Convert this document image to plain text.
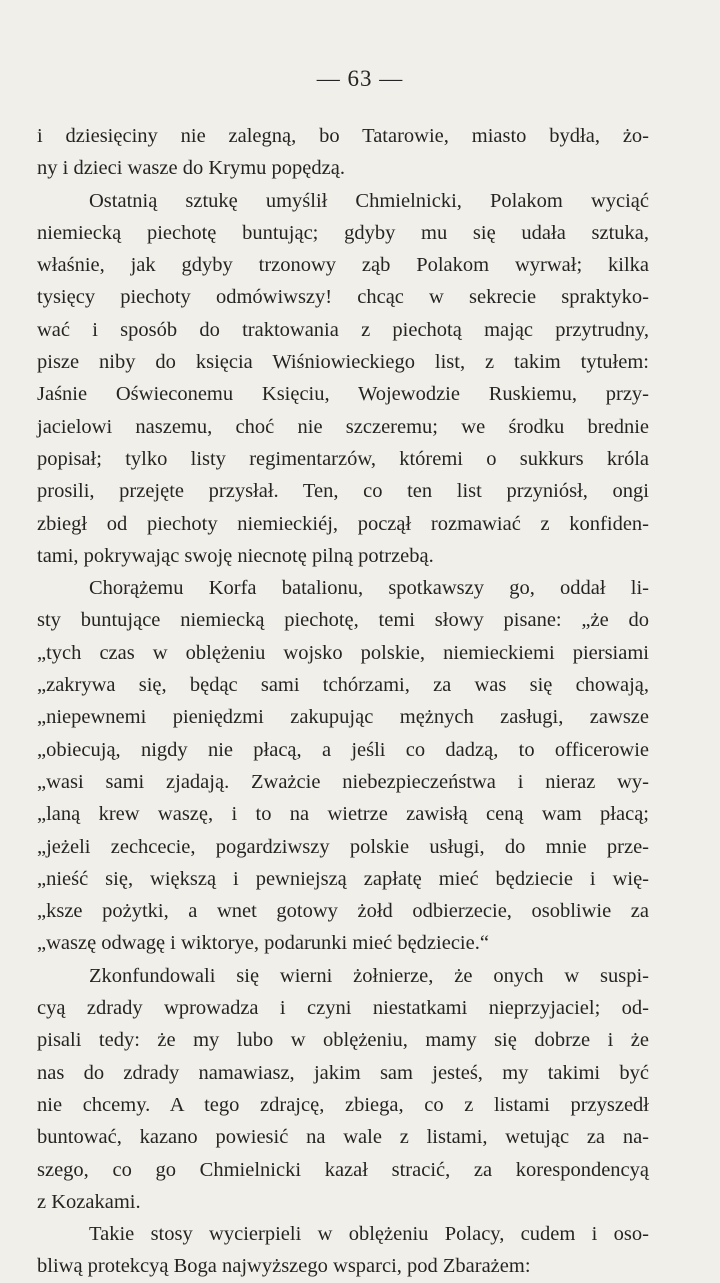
— 63 —
i dziesięciny nie zalegną, bo Tatarowie, miasto bydła, żo-
ny i dzieci wasze do Krymu popędzą.
Ostatnią sztukę umyślił Chmielnicki, Polakom wyciąć
niemiecką piechotę buntując; gdyby mu się udała sztuka,
właśnie, jak gdyby trzonowy ząb Polakom wyrwał; kilka
tysięcy piechoty odmówiwszy! chcąc w sekrecie spraktyko-
wać i sposób do traktowania z piechotą mając przytrudny,
pisze niby do księcia Wiśniowieckiego list, z takim tytułem:
Jaśnie Oświeconemu Księciu, Wojewodzie Ruskiemu, przy-
jacielowi naszemu, choć nie szczeremu; we środku brednie
popisał; tylko listy regimentarzów, któremi o sukkurs króla
prosili, przejęte przysłał. Ten, co ten list przyniósł, ongi
zbiegł od piechoty niemieckiéj, począł rozmawiać z konfiden-
tami, pokrywając swoję niecnotę pilną potrzebą.
Chorążemu Korfa batalionu, spotkawszy go, oddał li-
sty buntujące niemiecką piechotę, temi słowy pisane: „że do
„tych czas w oblężeniu wojsko polskie, niemieckiemi piersiami
„zakrywa się, będąc sami tchórzami, za was się chowają,
„niepewnemi pieniędzmi zakupując mężnych zasługi, zawsze
„obiecują, nigdy nie płacą, a jeśli co dadzą, to officerowie
„wasi sami zjadają. Zważcie niebezpieczeństwa i nieraz wy-
„laną krew waszę, i to na wietrze zawisłą ceną wam płacą;
„jeżeli zechcecie, pogardziwszy polskie usługi, do mnie prze-
„nieść się, większą i pewniejszą zapłatę mieć będziecie i wię-
„ksze pożytki, a wnet gotowy żołd odbierzecie, osobliwie za
„waszę odwagę i wiktorye, podarunki mieć będziecie.“
Zkonfundowali się wierni żołnierze, że onych w suspi-
cyą zdrady wprowadza i czyni niestatkami nieprzyjaciel; od-
pisali tedy: że my lubo w oblężeniu, mamy się dobrze i że
nas do zdrady namawiasz, jakim sam jesteś, my takimi być
nie chcemy. A tego zdrajcę, zbiega, co z listami przyszedł
buntować, kazano powiesić na wale z listami, wetując za na-
szego, co go Chmielnicki kazał stracić, za korespondencyą
z Kozakami.
Takie stosy wycierpieli w oblężeniu Polacy, cudem i oso-
bliwą protekcyą Boga najwyższego wsparci, pod Zbarażem:
